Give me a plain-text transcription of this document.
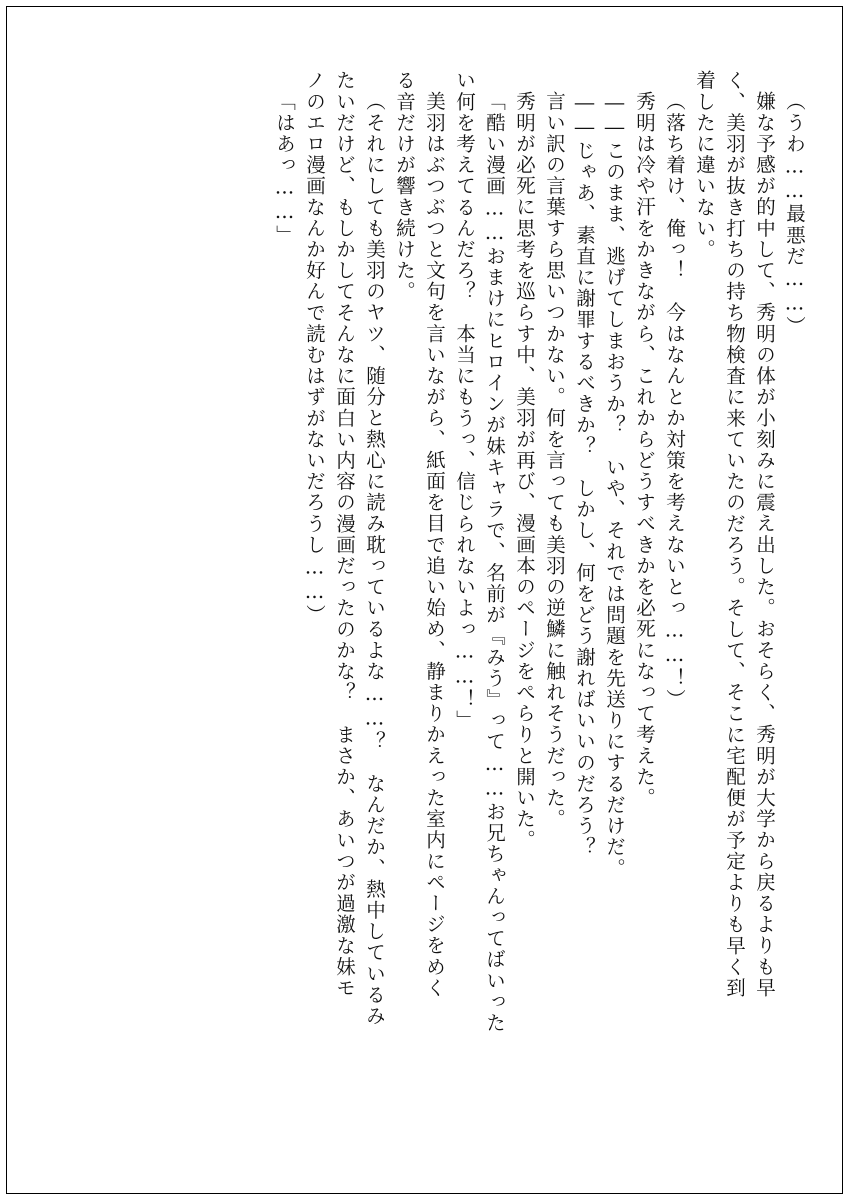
（うわ……最悪だ……）
嫌な予感が的中して、秀明の体が小刻みに震え出した。おそらく、秀明が大学から戻るよりも早
く、美羽が抜き打ちの持ち物検査に来ていたのだろう。そして、そこに宅配便が予定よりも早く到
着したに違いない。
（落ち着け、俺っ！　今はなんとか対策を考えないとっ……！）
秀明は冷や汗をかきながら、これからどうすべきかを必死になって考えた。
――このまま、逃げてしまおうか？　いや、それでは問題を先送りにするだけだ。
――じゃあ、素直に謝罪するべきか？　しかし、何をどう謝ればいいのだろう？
言い訳の言葉すら思いつかない。何を言っても美羽の逆鱗に触れそうだった。
秀明が必死に思考を巡らす中、美羽が再び、漫画本のページをぺらりと開いた。
「酷い漫画……おまけにヒロインが妹キャラで、名前が『みう』って……お兄ちゃんってばいった
い何を考えてるんだろ？　本当にもうっ、信じられないよっ……！」
美羽はぶつぶつと文句を言いながら、紙面を目で追い始め、静まりかえった室内にページをめく
る音だけが響き続けた。
（それにしても美羽のヤツ、随分と熱心に読み耽っているよな……？　なんだか、熱中しているみ
たいだけど、もしかしてそんなに面白い内容の漫画だったのかな？　まさか、あいつが過激な妹モ
ノのエロ漫画なんか好んで読むはずがないだろうし……）
「はあっ……」
